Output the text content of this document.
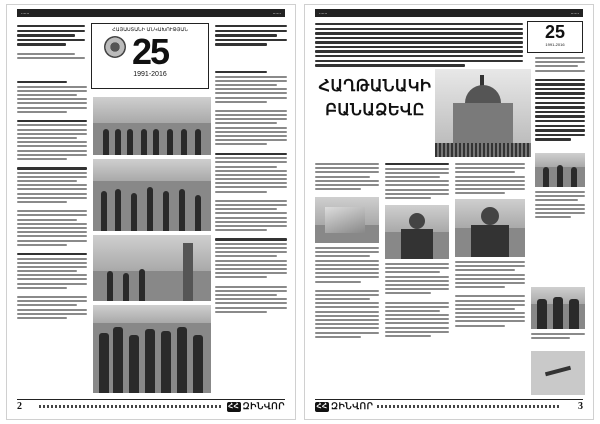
......	......
ՀԱՅԱՍՏԱՆԻ ԱՆԿԱԽՈՒԹՅԱՆ
25
1991-2016
2	ՀՀ ԶԻՆՎՈՐ
......	......
25
1991-2016
ՀԱՂԹԱՆԱԿԻ
ԲԱՆԱՁԵՎԸ
ՀՀ ԶԻՆՎՈՐ	3
